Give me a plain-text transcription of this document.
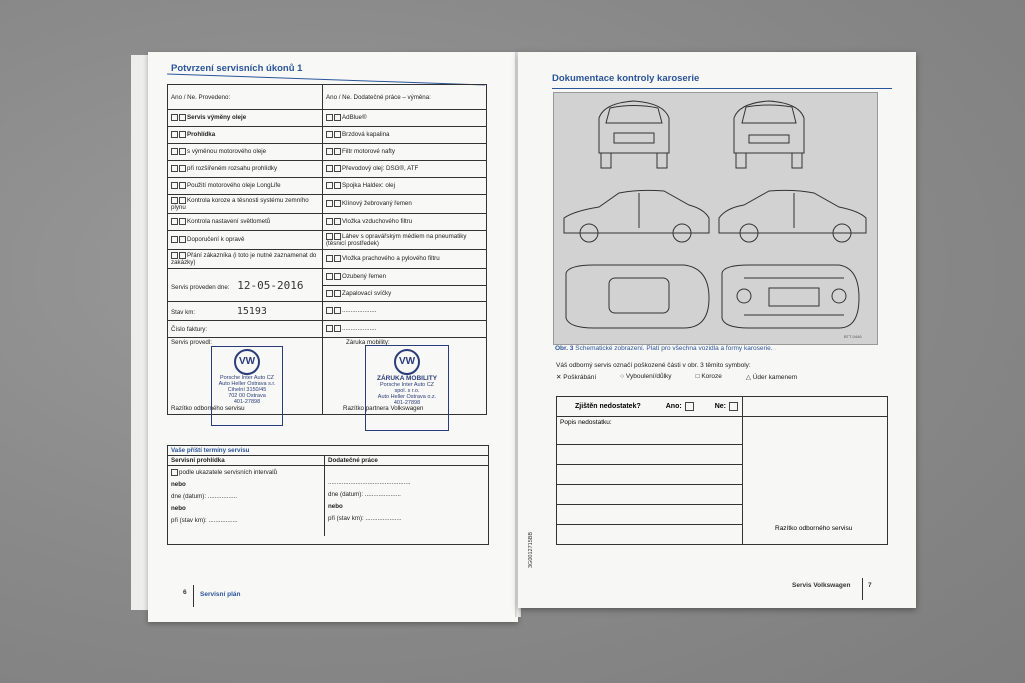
Potvrzení servisních úkonů 1
Ano / Ne. Provedeno:	Ano / Ne. Dodatečné práce – výměna:
Servis výměny oleje	AdBlue®
Prohlídka	Brzdová kapalina
s výměnou motorového oleje	Filtr motorové nafty
při rozšířeném rozsahu prohlídky	Převodový olej: DSG®, ATF
Použití motorového oleje LongLife	Spojka Haldex: olej
Kontrola koroze a těsnosti systému zemního plynu	Klínový žebrovaný řemen
Kontrola nastavení světlometů	Vložka vzduchového filtru
Doporučení k opravě	Láhev s opravářským médiem na pneumatiky (těsnicí prostředek)
Přání zákazníka (i toto je nutné zaznamenat do zakázky)	Vložka prachového a pylového filtru
Servis proveden dne: 12-05-2016	Ozubený řemen
	Zapalovací svíčky
Stav km: 15193	....................
Číslo faktury:	....................
Servis provedl:

Razítko odborného servisu	Záruka mobility:
Razítko partnera Volkswagen
VW
Porsche Inter Auto CZ
Auto Heller Ostrava s.r.
Cihelní 3150/45
702 00 Ostrava
401-27898
VW
ZÁRUKA MOBILITY
Porsche Inter Auto CZ
spol. s r.o.
Auto Heller Ostrava o.z.
401-27898
Vaše příští termíny servisu
Servisní prohlídka	Dodatečné práce
podle ukazatele servisních intervalů
nebo
dne (datum): .................
nebo
při (stav km): .................
................................................
dne (datum): .....................
nebo
při (stav km): .....................
6 Servisní plán
Dokumentace kontroly karoserie
BTT-0446
Obr. 3 Schematické zobrazení. Platí pro všechna vozidla a formy karoserie.
Váš odborný servis označí poškozené části v obr. 3 těmito symboly:
✕ Poškrábání	○ Vyboulení/důlky	□ Koroze	△ Úder kamenem
Zjištěn nedostatek?	Ano:	Ne:
Popis nedostatku:
Razítko odborného servisu
3G0012715BB
Servis Volkswagen	7
